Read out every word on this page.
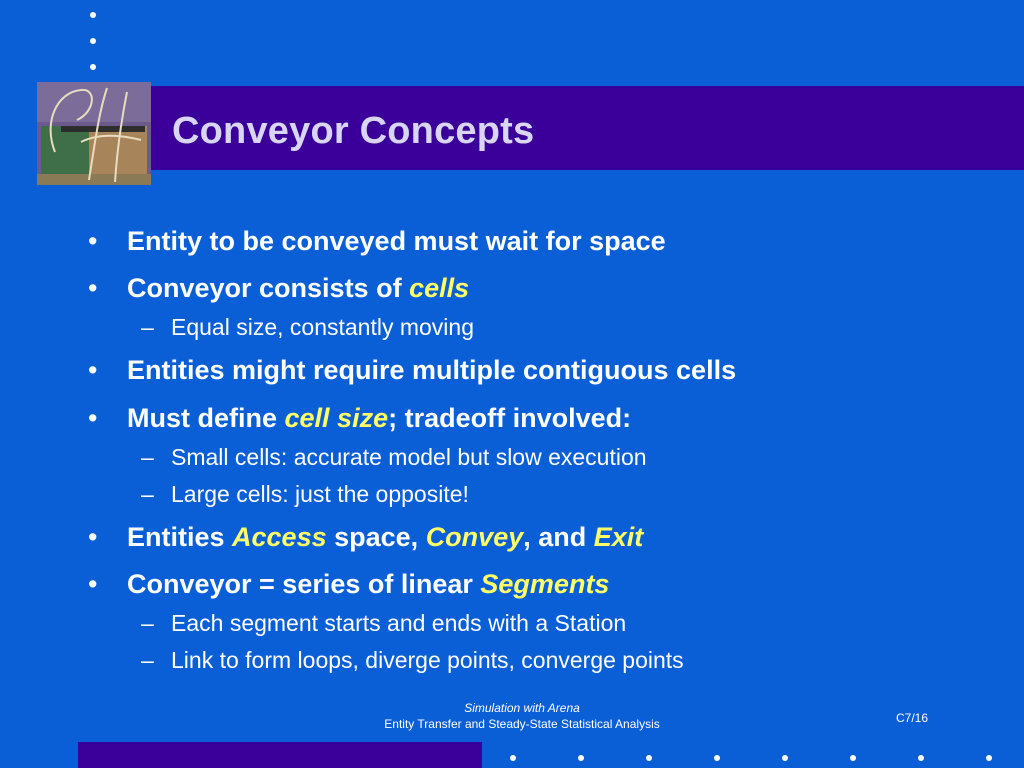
Conveyor Concepts
• Entity to be conveyed must wait for space
• Conveyor consists of cells
– Equal size, constantly moving
• Entities might require multiple contiguous cells
• Must define cell size; tradeoff involved:
– Small cells: accurate model but slow execution
– Large cells: just the opposite!
• Entities Access space, Convey, and Exit
• Conveyor = series of linear Segments
– Each segment starts and ends with a Station
– Link to form loops, diverge points, converge points
Simulation with Arena
Entity Transfer and Steady-State Statistical Analysis	C7/16
